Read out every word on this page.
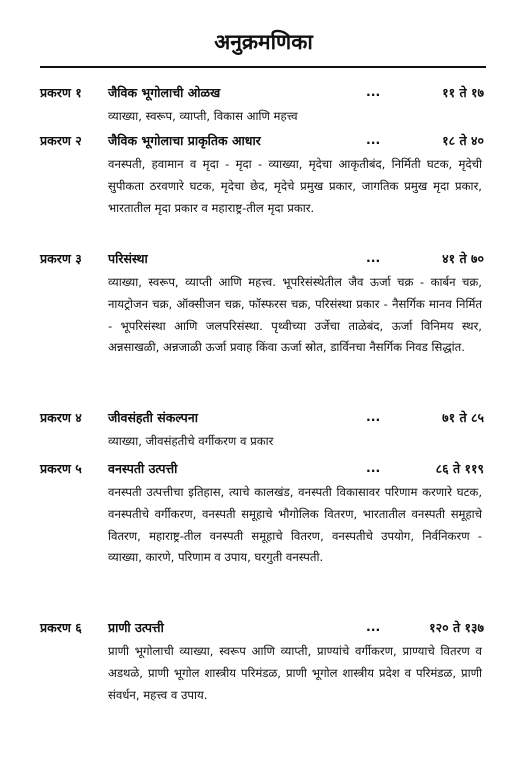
अनुक्रमणिका
प्रकरण १	जैविक भूगोलाची ओळख	...	११ ते १७
व्याख्या, स्वरूप, व्याप्ती, विकास आणि महत्त्व
प्रकरण २	जैविक भूगोलाचा प्राकृतिक आधार	...	१८ ते ४०
वनस्पती, हवामान व मृदा - मृदा - व्याख्या, मृदेचा आकृतीबंद, निर्मिती घटक, मृदेची सुपीकता ठरवणारे घटक, मृदेचा छेद, मृदेचे प्रमुख प्रकार, जागतिक प्रमुख मृदा प्रकार, भारतातील मृदा प्रकार व महाराष्ट्र-तील मृदा प्रकार.
प्रकरण ३	परिसंस्था	...	४१ ते ७०
व्याख्या, स्वरूप, व्याप्ती आणि महत्त्व. भूपरिसंस्थेतील जैव ऊर्जा चक्र - कार्बन चक्र, नायट्रोजन चक्र, ऑक्सीजन चक्र, फॉस्फरस चक्र, परिसंस्था प्रकार - नैसर्गिक मानव निर्मित - भूपरिसंस्था आणि जलपरिसंस्था. पृथ्वीच्या उर्जेचा ताळेबंद, ऊर्जा विनिमय स्थर, अन्नसाखळी, अन्नजाळी ऊर्जा प्रवाह किंवा ऊर्जा स्रोत, डार्विनचा नैसर्गिक निवड सिद्धांत.
प्रकरण ४	जीवसंहती संकल्पना	...	७१ ते ८५
व्याख्या, जीवसंहतीचे वर्गीकरण व प्रकार
प्रकरण ५	वनस्पती उत्पत्ती	...	८६ ते ११९
वनस्पती उत्पत्तीचा इतिहास, त्याचे कालखंड, वनस्पती विकासावर परिणाम करणारे घटक, वनस्पतीचे वर्गीकरण, वनस्पती समूहाचे भौगोलिक वितरण, भारतातील वनस्पती समूहाचे वितरण, महाराष्ट्र-तील वनस्पती समूहाचे वितरण, वनस्पतीचे उपयोग, निर्वनिकरण - व्याख्या, कारणे, परिणाम व उपाय, घरगुती वनस्पती.
प्रकरण ६	प्राणी उत्पत्ती	...	१२० ते १३७
प्राणी भूगोलाची व्याख्या, स्वरूप आणि व्याप्ती, प्राण्यांचे वर्गीकरण, प्राण्याचे वितरण व अडथळे, प्राणी भूगोल शास्त्रीय परिमंडळ, प्राणी भूगोल शास्त्रीय प्रदेश व परिमंडळ, प्राणी संवर्धन, महत्त्व व उपाय.
